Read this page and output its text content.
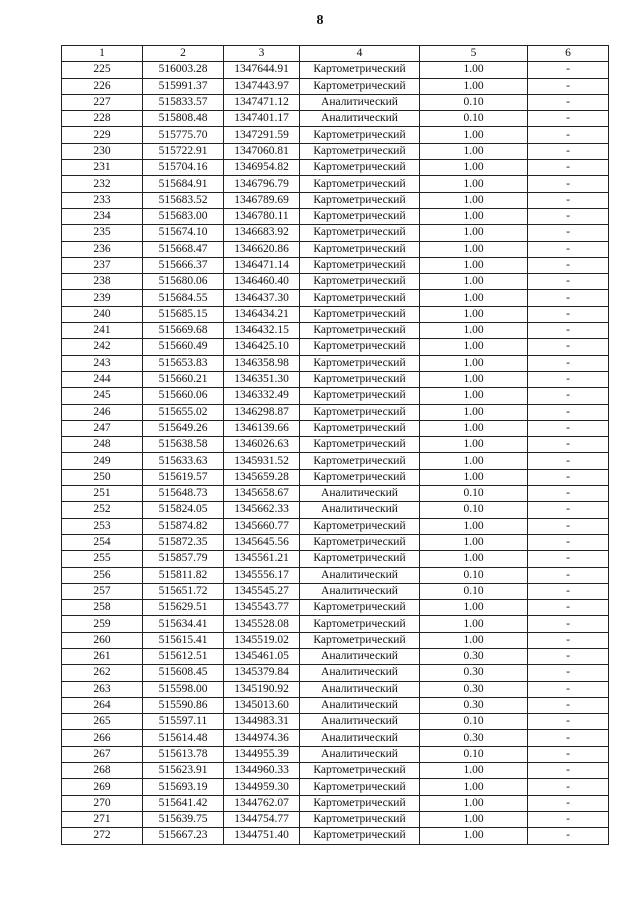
8
1	2	3	4	5	6
225	516003.28	1347644.91	Картометрический	1.00	-
226	515991.37	1347443.97	Картометрический	1.00	-
227	515833.57	1347471.12	Аналитический	0.10	-
228	515808.48	1347401.17	Аналитический	0.10	-
229	515775.70	1347291.59	Картометрический	1.00	-
230	515722.91	1347060.81	Картометрический	1.00	-
231	515704.16	1346954.82	Картометрический	1.00	-
232	515684.91	1346796.79	Картометрический	1.00	-
233	515683.52	1346789.69	Картометрический	1.00	-
234	515683.00	1346780.11	Картометрический	1.00	-
235	515674.10	1346683.92	Картометрический	1.00	-
236	515668.47	1346620.86	Картометрический	1.00	-
237	515666.37	1346471.14	Картометрический	1.00	-
238	515680.06	1346460.40	Картометрический	1.00	-
239	515684.55	1346437.30	Картометрический	1.00	-
240	515685.15	1346434.21	Картометрический	1.00	-
241	515669.68	1346432.15	Картометрический	1.00	-
242	515660.49	1346425.10	Картометрический	1.00	-
243	515653.83	1346358.98	Картометрический	1.00	-
244	515660.21	1346351.30	Картометрический	1.00	-
245	515660.06	1346332.49	Картометрический	1.00	-
246	515655.02	1346298.87	Картометрический	1.00	-
247	515649.26	1346139.66	Картометрический	1.00	-
248	515638.58	1346026.63	Картометрический	1.00	-
249	515633.63	1345931.52	Картометрический	1.00	-
250	515619.57	1345659.28	Картометрический	1.00	-
251	515648.73	1345658.67	Аналитический	0.10	-
252	515824.05	1345662.33	Аналитический	0.10	-
253	515874.82	1345660.77	Картометрический	1.00	-
254	515872.35	1345645.56	Картометрический	1.00	-
255	515857.79	1345561.21	Картометрический	1.00	-
256	515811.82	1345556.17	Аналитический	0.10	-
257	515651.72	1345545.27	Аналитический	0.10	-
258	515629.51	1345543.77	Картометрический	1.00	-
259	515634.41	1345528.08	Картометрический	1.00	-
260	515615.41	1345519.02	Картометрический	1.00	-
261	515612.51	1345461.05	Аналитический	0.30	-
262	515608.45	1345379.84	Аналитический	0.30	-
263	515598.00	1345190.92	Аналитический	0.30	-
264	515590.86	1345013.60	Аналитический	0.30	-
265	515597.11	1344983.31	Аналитический	0.10	-
266	515614.48	1344974.36	Аналитический	0.30	-
267	515613.78	1344955.39	Аналитический	0.10	-
268	515623.91	1344960.33	Картометрический	1.00	-
269	515693.19	1344959.30	Картометрический	1.00	-
270	515641.42	1344762.07	Картометрический	1.00	-
271	515639.75	1344754.77	Картометрический	1.00	-
272	515667.23	1344751.40	Картометрический	1.00	-
